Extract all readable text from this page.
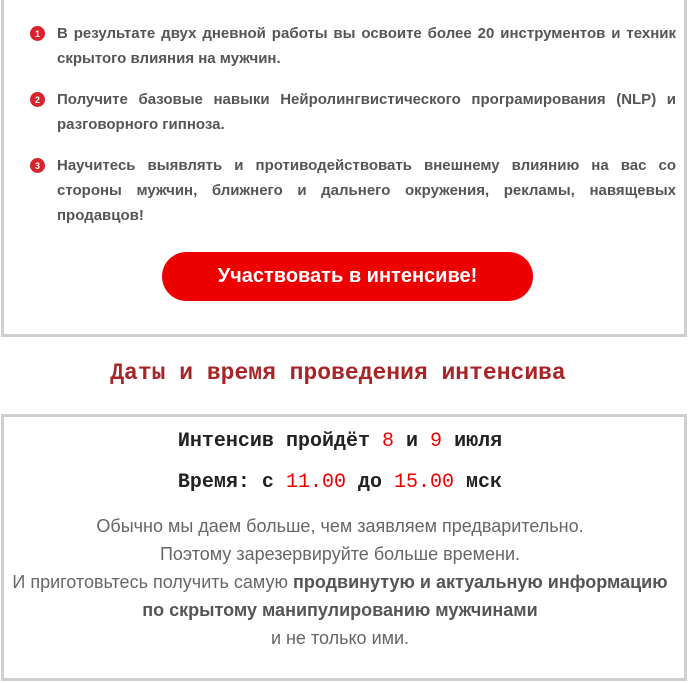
1	В результате двух дневной работы вы освоите более 20 инструментов и техник скрытого влияния на мужчин.
2	Получите базовые навыки Нейролингвистического програмирования (NLP) и разговорного гипноза.
3	Научитесь выявлять и противодействовать внешнему влиянию на вас со стороны мужчин, ближнего и дальнего окружения, рекламы, навящевых продавцов!
Участвовать в интенсиве!
Даты и время проведения интенсива
Интенсив пройдёт 8 и 9 июля
Время: с 11.00 до 15.00 мск
Обычно мы даем больше, чем заявляем предварительно.
Поэтому зарезервируйте больше времени.
И приготовьтесь получить самую продвинутую и актуальную информацию по скрытому манипулированию мужчинами
и не только ими.
